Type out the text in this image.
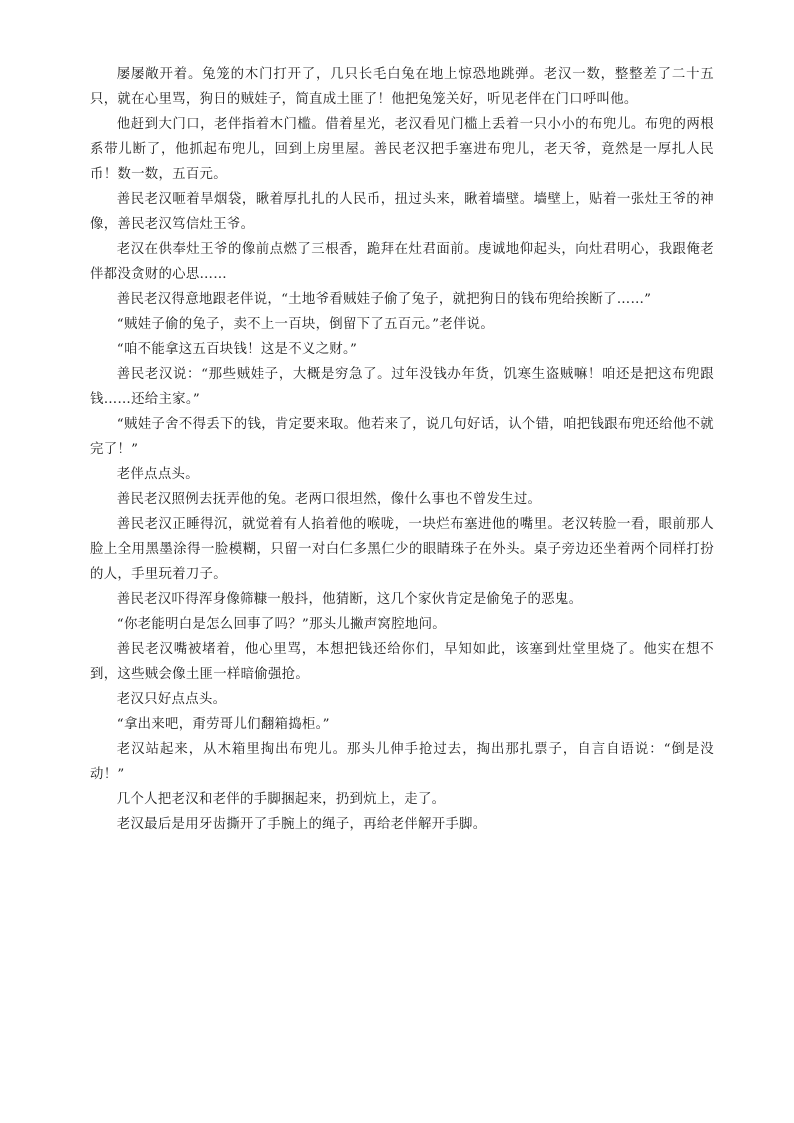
屡屡敞开着。兔笼的木门打开了，几只长毛白兔在地上惊恐地跳弹。老汉一数，整整差了二十五只，就在心里骂，狗日的贼娃子，简直成土匪了！他把兔笼关好，听见老伴在门口呼叫他。

他赶到大门口，老伴指着木门槛。借着星光，老汉看见门槛上丢着一只小小的布兜儿。布兜的两根系带儿断了，他抓起布兜儿，回到上房里屋。善民老汉把手塞进布兜儿，老天爷，竟然是一厚扎人民币！数一数，五百元。

善民老汉咂着旱烟袋，瞅着厚扎扎的人民币，扭过头来，瞅着墙壁。墙壁上，贴着一张灶王爷的神像，善民老汉笃信灶王爷。

老汉在供奉灶王爷的像前点燃了三根香，跪拜在灶君面前。虔诚地仰起头，向灶君明心，我跟俺老伴都没贪财的心思……

善民老汉得意地跟老伴说，“土地爷看贼娃子偷了兔子，就把狗日的钱布兜给挨断了……”

“贼娃子偷的兔子，卖不上一百块，倒留下了五百元。”老伴说。

“咱不能拿这五百块钱！这是不义之财。”

善民老汉说：“那些贼娃子，大概是穷急了。过年没钱办年货，饥寒生盗贼嘛！咱还是把这布兜跟钱……还给主家。”

“贼娃子舍不得丢下的钱，肯定要来取。他若来了，说几句好话，认个错，咱把钱跟布兜还给他不就完了！”

老伴点点头。

善民老汉照例去抚弄他的兔。老两口很坦然，像什么事也不曾发生过。

善民老汉正睡得沉，就觉着有人掐着他的喉咙，一块烂布塞进他的嘴里。老汉转脸一看，眼前那人脸上全用黑墨涂得一脸模糊，只留一对白仁多黑仁少的眼睛珠子在外头。桌子旁边还坐着两个同样打扮的人，手里玩着刀子。

善民老汉吓得浑身像筛糠一般抖，他猜断，这几个家伙肯定是偷兔子的恶鬼。

“你老能明白是怎么回事了吗？”那头儿撇声窝腔地问。

善民老汉嘴被堵着，他心里骂，本想把钱还给你们，早知如此，该塞到灶堂里烧了。他实在想不到，这些贼会像土匪一样暗偷强抢。

老汉只好点点头。

“拿出来吧，甭劳哥儿们翻箱捣柜。”

老汉站起来，从木箱里掏出布兜儿。那头儿伸手抢过去，掏出那扎票子，自言自语说：“倒是没动！”

几个人把老汉和老伴的手脚捆起来，扔到炕上，走了。

老汉最后是用牙齿撕开了手腕上的绳子，再给老伴解开手脚。
